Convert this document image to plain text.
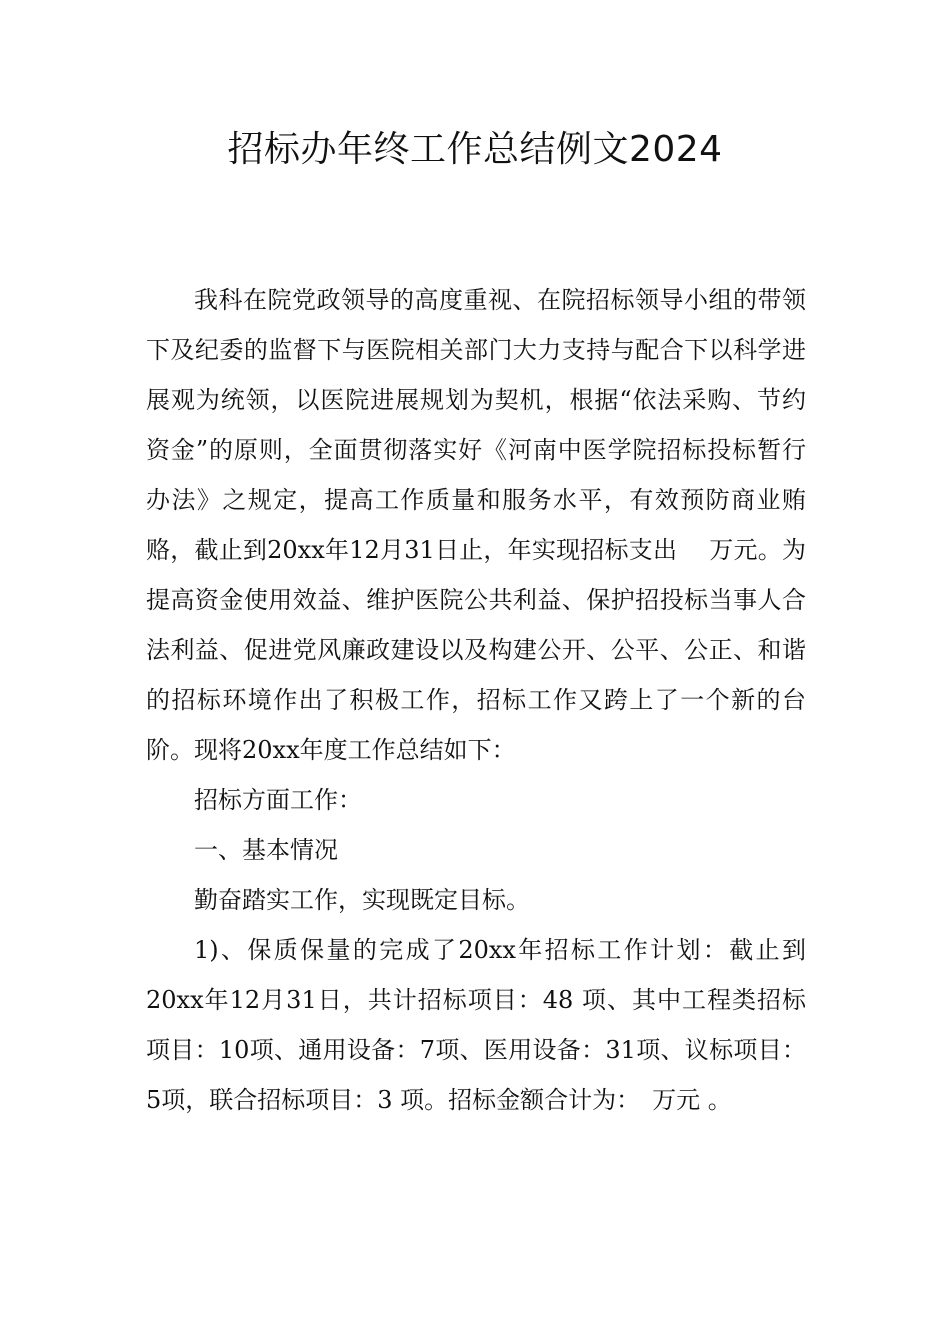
招标办年终工作总结例文2024

我科在院党政领导的高度重视、在院招标领导小组的带领下及纪委的监督下与医院相关部门大力支持与配合下以科学进展观为统领，以医院进展规划为契机，根据“依法采购、节约资金”的原则，全面贯彻落实好《河南中医学院招标投标暂行办法》之规定，提高工作质量和服务水平，有效预防商业贿赂，截止到20xx年12月31日止，年实现招标支出　 万元。为提高资金使用效益、维护医院公共利益、保护招投标当事人合法利益、促进党风廉政建设以及构建公开、公平、公正、和谐的招标环境作出了积极工作，招标工作又跨上了一个新的台阶。现将20xx年度工作总结如下：

招标方面工作：

一、基本情况

勤奋踏实工作，实现既定目标。

1)、保质保量的完成了20xx年招标工作计划：截止到20xx年12月31日，共计招标项目：48 项、其中工程类招标项目：10项、通用设备：7项、医用设备：31项、议标项目：5项，联合招标项目：3 项。招标金额合计为：　万元 。
